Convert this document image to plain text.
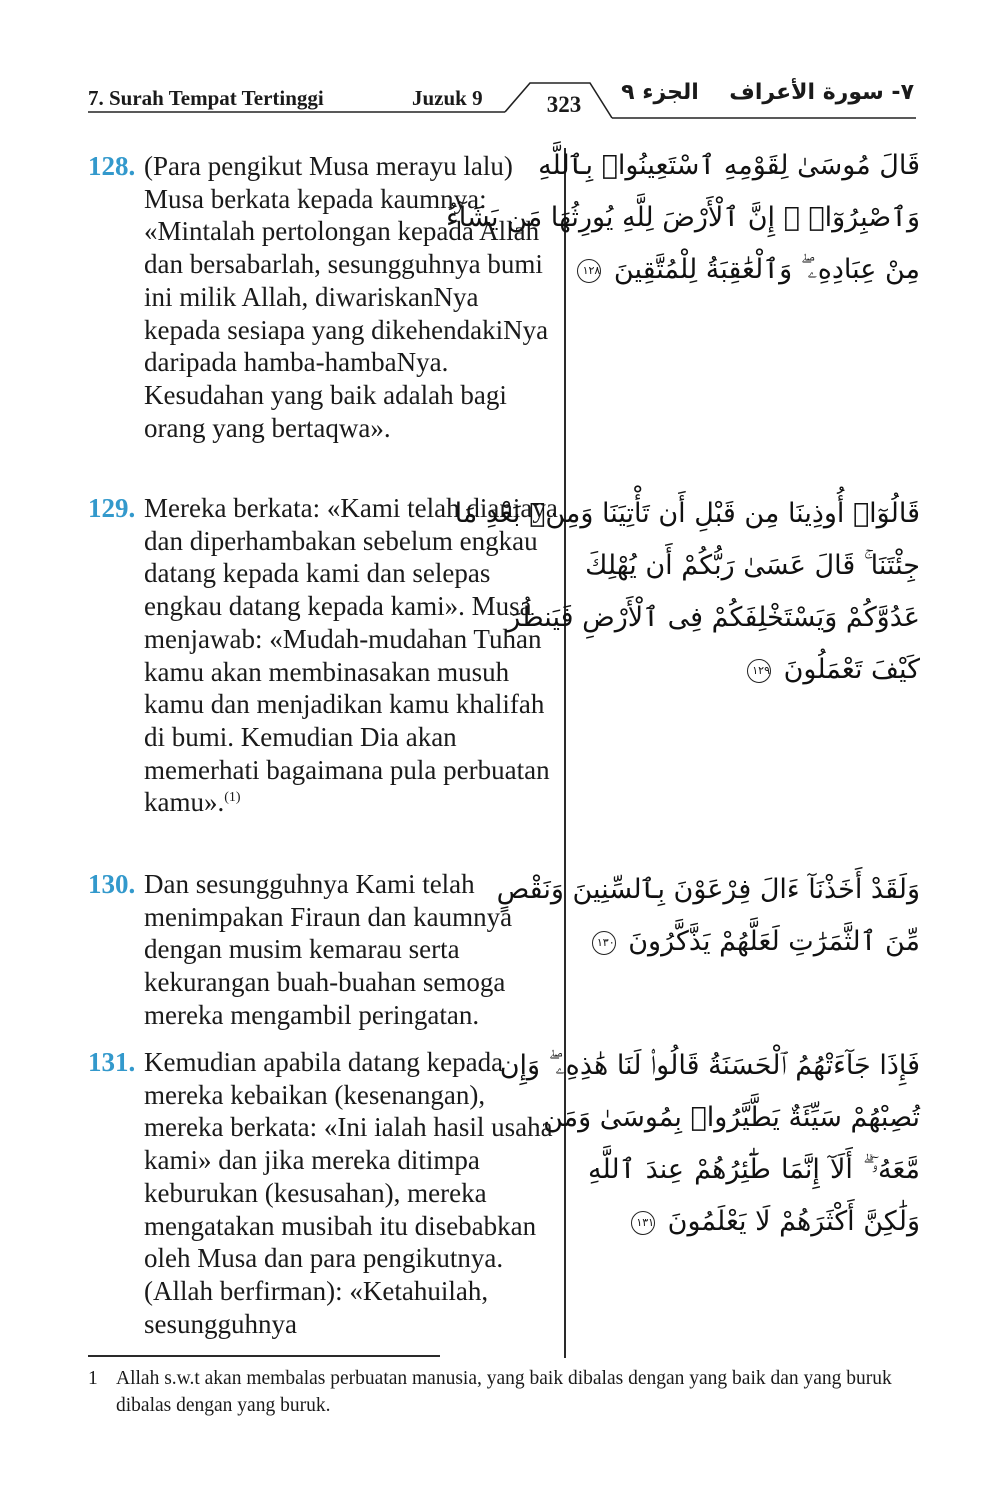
7. Surah Tempat Tertinggi	Juzuk 9	323	الجزء ٩	٧- سورة الأعراف
128. (Para pengikut Musa merayu lalu) Musa berkata kepada kaumnya: «Mintalah pertolongan kepada Allah dan bersabarlah, sesungguhnya bumi ini milik Allah, diwariskanNya kepada sesiapa yang dikehendakiNya daripada hamba-hambaNya. Kesudahan yang baik adalah bagi orang yang bertaqwa».
129. Mereka berkata: «Kami telah dianiaya dan diperhambakan sebelum engkau datang kepada kami dan selepas engkau datang kepada kami». Musa menjawab: «Mudah-mudahan Tuhan kamu akan membinasakan musuh kamu dan menjadikan kamu khalifah di bumi. Kemudian Dia akan memerhati bagaimana pula perbuatan kamu».$^{(1)}$
130. Dan sesungguhnya Kami telah menimpakan Firaun dan kaumnya dengan musim kemarau serta kekurangan buah-buahan semoga mereka mengambil peringatan.
131. Kemudian apabila datang kepada mereka kebaikan (kesenangan), mereka berkata: «Ini ialah hasil usaha kami» dan jika mereka ditimpa keburukan (kesusahan), mereka mengatakan musibah itu disebabkan oleh Musa dan para pengikutnya. (Allah berfirman): «Ketahuilah, sesungguhnya
قَالَ مُوسَىٰ لِقَوْمِهِ ٱسْتَعِينُوا۟ بِٱللَّهِ
وَٱصْبِرُوٓا۟ ۖ إِنَّ ٱلْأَرْضَ لِلَّهِ يُورِثُهَا مَن يَشَآءُ
مِنْ عِبَادِهِۦ ۖ وَٱلْعَٰقِبَةُ لِلْمُتَّقِينَ ١٢٨
قَالُوٓا۟ أُوذِينَا مِن قَبْلِ أَن تَأْتِيَنَا وَمِنۢ بَعْدِ مَا
جِئْتَنَا ۚ قَالَ عَسَىٰ رَبُّكُمْ أَن يُهْلِكَ
عَدُوَّكُمْ وَيَسْتَخْلِفَكُمْ فِى ٱلْأَرْضِ فَيَنظُرَ
كَيْفَ تَعْمَلُونَ ١٢٩
وَلَقَدْ أَخَذْنَآ ءَالَ فِرْعَوْنَ بِٱلسِّنِينَ وَنَقْصٍ
مِّنَ ٱلثَّمَرَٰتِ لَعَلَّهُمْ يَذَّكَّرُونَ ١٣٠
فَإِذَا جَآءَتْهُمُ ٱلْحَسَنَةُ قَالُوا۟ لَنَا هَٰذِهِۦ ۖ وَإِن
تُصِبْهُمْ سَيِّئَةٌ يَطَّيَّرُوا۟ بِمُوسَىٰ وَمَن
مَّعَهُۥٓ ۗ أَلَآ إِنَّمَا طَٰٓئِرُهُمْ عِندَ ٱللَّهِ
وَلَٰكِنَّ أَكْثَرَهُمْ لَا يَعْلَمُونَ ١٣١
1 Allah s.w.t akan membalas perbuatan manusia, yang baik dibalas dengan yang baik dan yang buruk dibalas dengan yang buruk.
